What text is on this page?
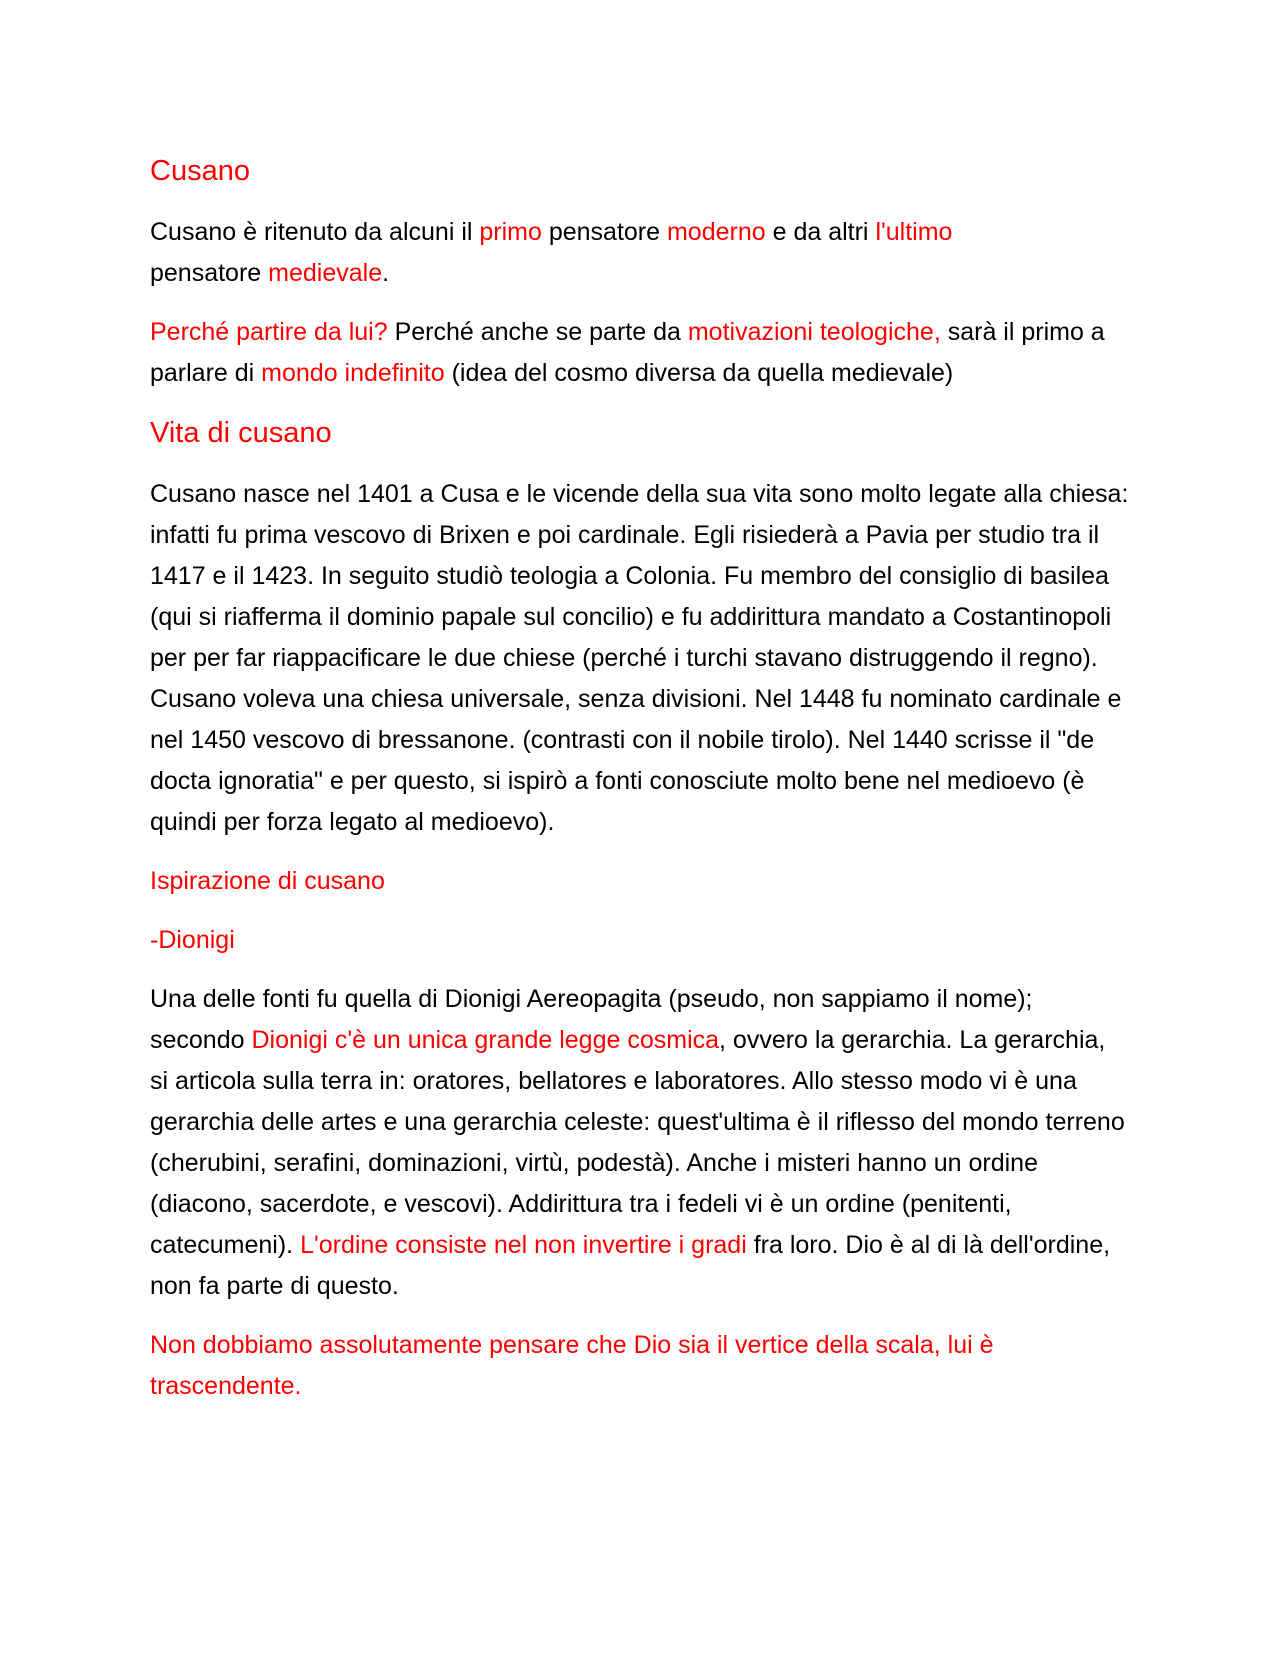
Cusano

Cusano è ritenuto da alcuni il primo pensatore moderno e da altri l'ultimo
pensatore medievale.

Perché partire da lui? Perché anche se parte da motivazioni teologiche, sarà il primo a parlare di mondo indefinito (idea del cosmo diversa da quella medievale)

Vita di cusano

Cusano nasce nel 1401 a Cusa e le vicende della sua vita sono molto legate alla chiesa: infatti fu prima vescovo di Brixen e poi cardinale. Egli risiederà a Pavia per studio tra il 1417 e il 1423. In seguito studiò teologia a Colonia. Fu membro del consiglio di basilea (qui si riafferma il dominio papale sul concilio) e fu addirittura mandato a Costantinopoli per per far riappacificare le due chiese (perché i turchi stavano distruggendo il regno). Cusano voleva una chiesa universale, senza divisioni. Nel 1448 fu nominato cardinale e nel 1450 vescovo di bressanone. (contrasti con il nobile tirolo). Nel 1440 scrisse il "de docta ignoratia" e per questo, si ispirò a fonti conosciute molto bene nel medioevo (è quindi per forza legato al medioevo).

Ispirazione di cusano

-Dionigi

Una delle fonti fu quella di Dionigi Aereopagita (pseudo, non sappiamo il nome); secondo Dionigi c'è un unica grande legge cosmica, ovvero la gerarchia. La gerarchia, si articola sulla terra in: oratores, bellatores e laboratores. Allo stesso modo vi è una gerarchia delle artes e una gerarchia celeste: quest'ultima è il riflesso del mondo terreno (cherubini, serafini, dominazioni, virtù, podestà). Anche i misteri hanno un ordine (diacono, sacerdote, e vescovi). Addirittura tra i fedeli vi è un ordine (penitenti, catecumeni). L'ordine consiste nel non invertire i gradi fra loro. Dio è al di là dell'ordine, non fa parte di questo.

Non dobbiamo assolutamente pensare che Dio sia il vertice della scala, lui è trascendente.
